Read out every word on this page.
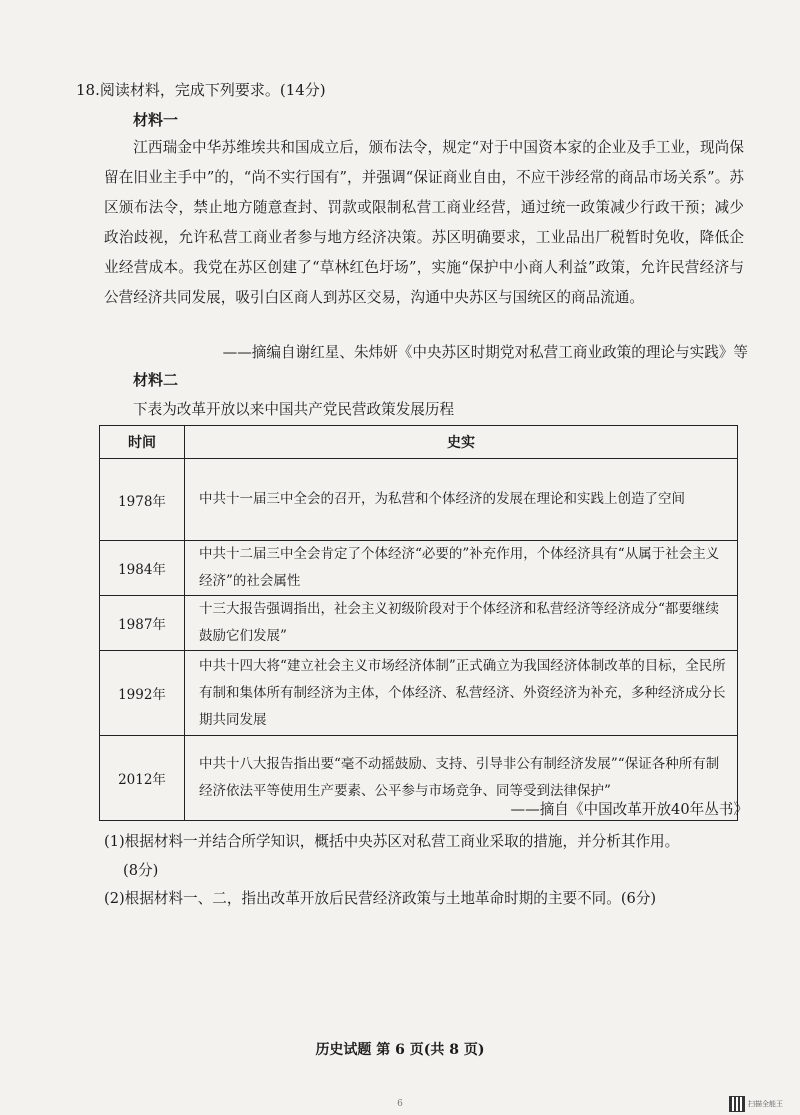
18.阅读材料，完成下列要求。(14分)
材料一
江西瑞金中华苏维埃共和国成立后，颁布法令，规定“对于中国资本家的企业及手工业，现尚保留在旧业主手中”的，“尚不实行国有”，并强调“保证商业自由，不应干涉经常的商品市场关系”。苏区颁布法令，禁止地方随意查封、罚款或限制私营工商业经营，通过统一政策减少行政干预；减少政治歧视，允许私营工商业者参与地方经济决策。苏区明确要求，工业品出厂税暂时免收，降低企业经营成本。我党在苏区创建了“草林红色圩场”，实施“保护中小商人利益”政策，允许民营经济与公营经济共同发展，吸引白区商人到苏区交易，沟通中央苏区与国统区的商品流通。
——摘编自谢红星、朱炜妍《中央苏区时期党对私营工商业政策的理论与实践》等
材料二
下表为改革开放以来中国共产党民营政策发展历程
时间	史实
1978年	中共十一届三中全会的召开，为私营和个体经济的发展在理论和实践上创造了空间
1984年	中共十二届三中全会肯定了个体经济“必要的”补充作用，个体经济具有“从属于社会主义经济”的社会属性
1987年	十三大报告强调指出，社会主义初级阶段对于个体经济和私营经济等经济成分“都要继续鼓励它们发展”
1992年	中共十四大将“建立社会主义市场经济体制”正式确立为我国经济体制改革的目标，全民所有制和集体所有制经济为主体，个体经济、私营经济、外资经济为补充，多种经济成分长期共同发展
2012年	中共十八大报告指出要“毫不动摇鼓励、支持、引导非公有制经济发展”“保证各种所有制经济依法平等使用生产要素、公平参与市场竞争、同等受到法律保护”
——摘自《中国改革开放40年丛书》
(1)根据材料一并结合所学知识，概括中央苏区对私营工商业采取的措施，并分析其作用。
(8分)
(2)根据材料一、二，指出改革开放后民营经济政策与土地革命时期的主要不同。(6分)
历史试题 第 6 页(共 8 页)
6	扫描全能王
